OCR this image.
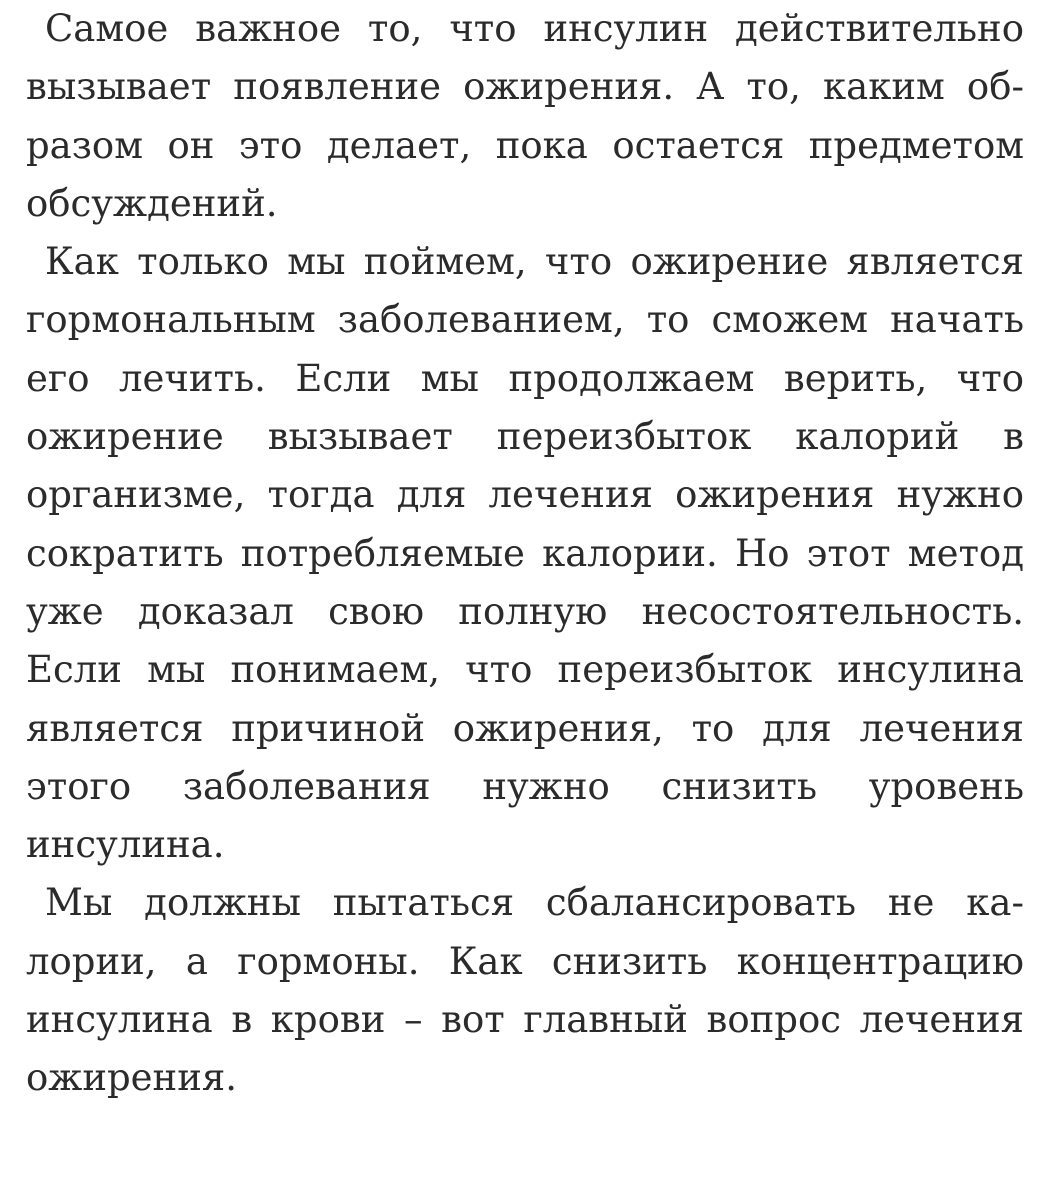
Самое важное то, что инсулин действительно вызывает появление ожирения. А то, каким образом он это делает, пока остается предметом обсуждений.

Как только мы поймем, что ожирение является гормональным заболеванием, то сможем начать его лечить. Если мы продолжаем верить, что ожирение вызывает переизбыток калорий в организме, тогда для лечения ожирения нужно сократить потребляемые калории. Но этот метод уже доказал свою полную несостоятельность. Если мы понимаем, что переизбыток инсулина является причиной ожирения, то для лечения этого заболевания нужно снизить уровень инсулина.

Мы должны пытаться сбалансировать не калории, а гормоны. Как снизить концентрацию инсулина в крови – вот главный вопрос лечения ожирения.
